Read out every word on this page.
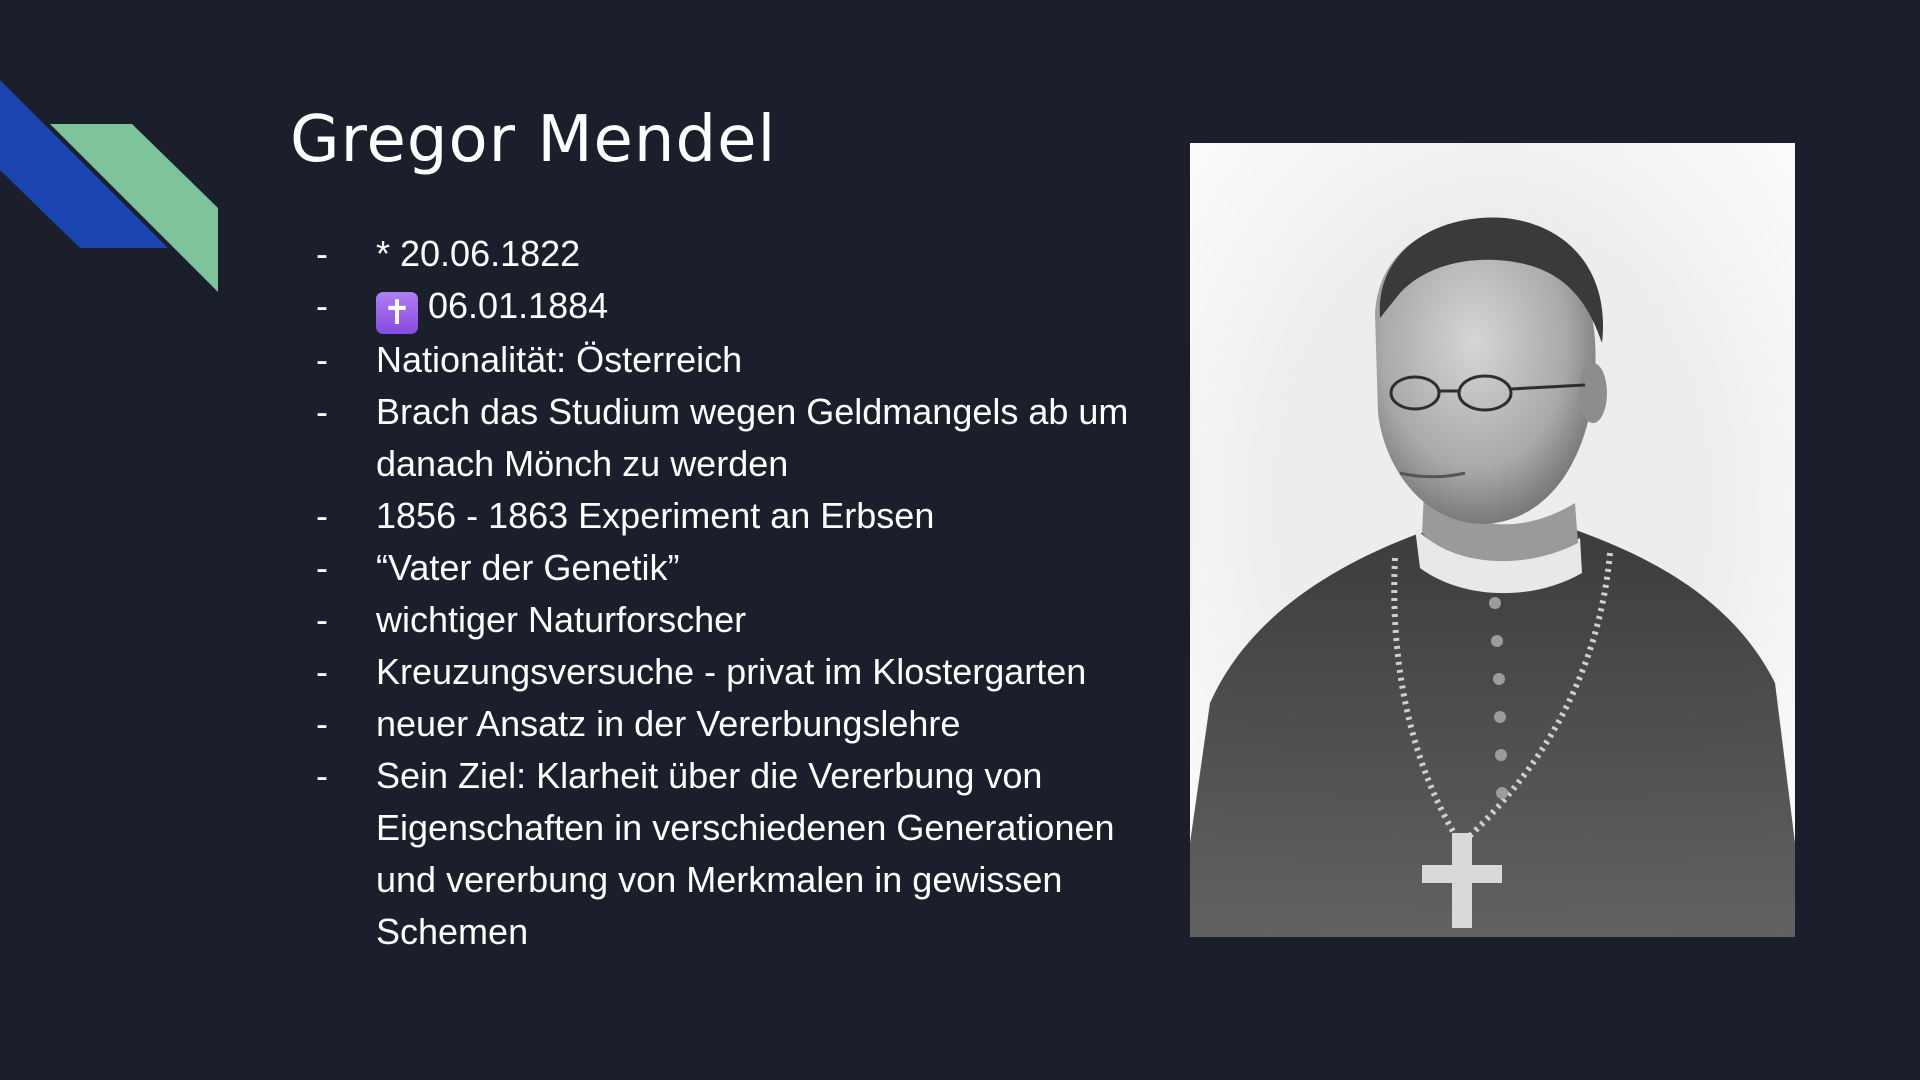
Gregor Mendel
- * 20.06.1822
- ✝ 06.01.1884
- Nationalität: Österreich
- Brach das Studium wegen Geldmangels ab um danach Mönch zu werden
- 1856 - 1863 Experiment an Erbsen
- “Vater der Genetik”
- wichtiger Naturforscher
- Kreuzungsversuche - privat im Klostergarten
- neuer Ansatz in der Vererbungslehre
- Sein Ziel: Klarheit über die Vererbung von Eigenschaften in verschiedenen Generationen und vererbung von Merkmalen in gewissen Schemen
